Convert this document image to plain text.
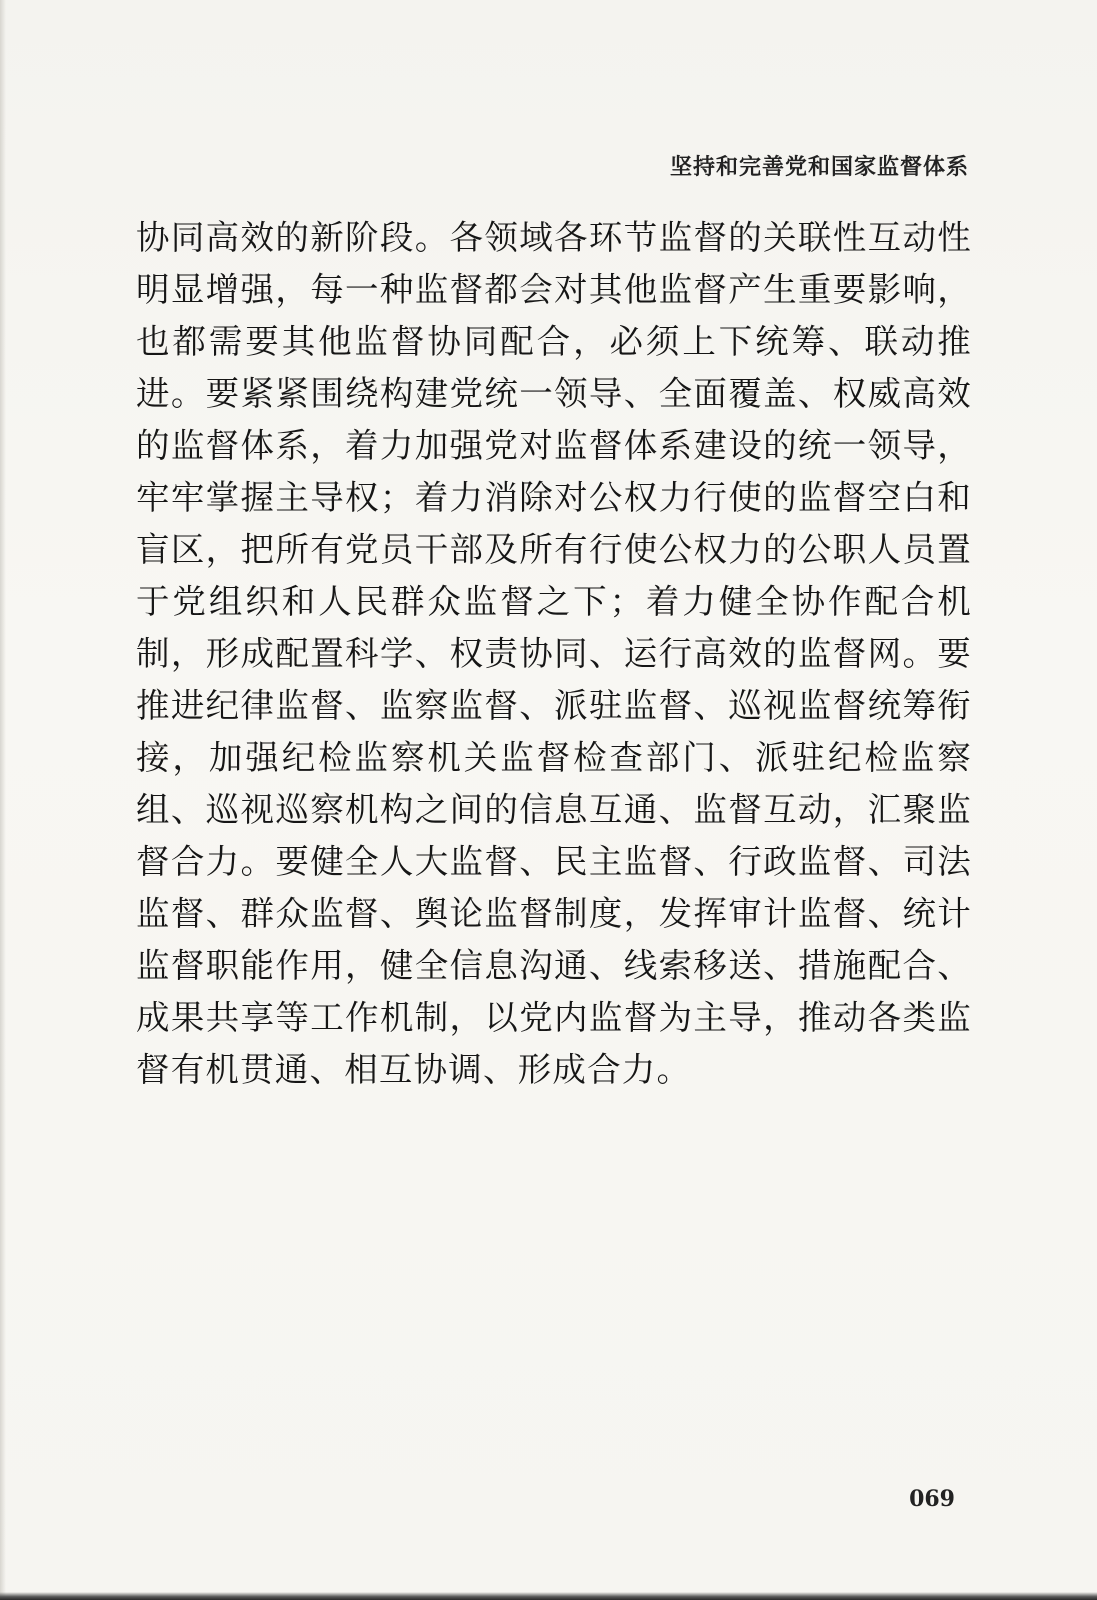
坚持和完善党和国家监督体系

协同高效的新阶段。各领域各环节监督的关联性互动性明显增强，每一种监督都会对其他监督产生重要影响，也都需要其他监督协同配合，必须上下统筹、联动推进。要紧紧围绕构建党统一领导、全面覆盖、权威高效的监督体系，着力加强党对监督体系建设的统一领导，牢牢掌握主导权；着力消除对公权力行使的监督空白和盲区，把所有党员干部及所有行使公权力的公职人员置于党组织和人民群众监督之下；着力健全协作配合机制，形成配置科学、权责协同、运行高效的监督网。要推进纪律监督、监察监督、派驻监督、巡视监督统筹衔接，加强纪检监察机关监督检查部门、派驻纪检监察组、巡视巡察机构之间的信息互通、监督互动，汇聚监督合力。要健全人大监督、民主监督、行政监督、司法监督、群众监督、舆论监督制度，发挥审计监督、统计监督职能作用，健全信息沟通、线索移送、措施配合、成果共享等工作机制，以党内监督为主导，推动各类监督有机贯通、相互协调、形成合力。

069
